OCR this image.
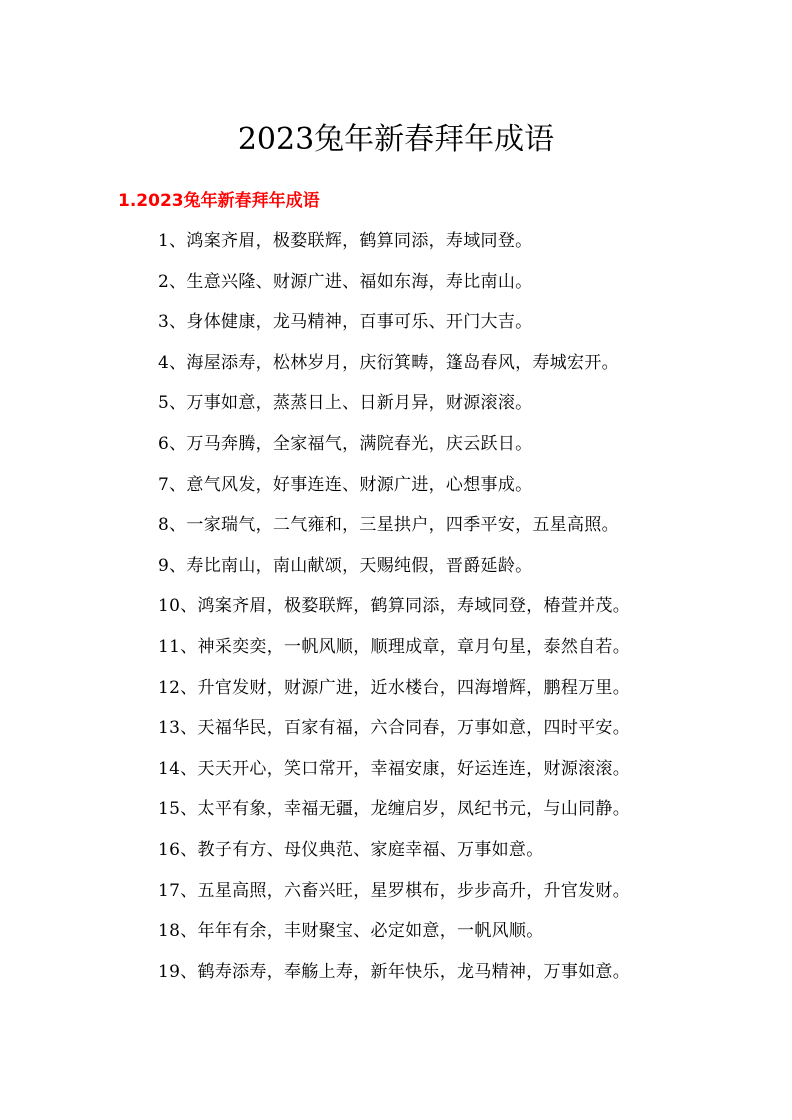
2023兔年新春拜年成语
1.2023兔年新春拜年成语
1、鸿案齐眉，极婺联辉，鹤算同添，寿域同登。
2、生意兴隆、财源广进、福如东海，寿比南山。
3、身体健康，龙马精神，百事可乐、开门大吉。
4、海屋添寿，松林岁月，庆衍箕畴，篷岛春风，寿城宏开。
5、万事如意，蒸蒸日上、日新月异，财源滚滚。
6、万马奔腾，全家福气，满院春光，庆云跃日。
7、意气风发，好事连连、财源广进，心想事成。
8、一家瑞气，二气雍和，三星拱户，四季平安，五星高照。
9、寿比南山，南山献颂，天赐纯假，晋爵延龄。
10、鸿案齐眉，极婺联辉，鹤算同添，寿域同登，椿萱并茂。
11、神采奕奕，一帆风顺，顺理成章，章月句星，泰然自若。
12、升官发财，财源广进，近水楼台，四海增辉，鹏程万里。
13、天福华民，百家有福，六合同春，万事如意，四时平安。
14、天天开心，笑口常开，幸福安康，好运连连，财源滚滚。
15、太平有象，幸福无疆，龙缠启岁，凤纪书元，与山同静。
16、教子有方、母仪典范、家庭幸福、万事如意。
17、五星高照，六畜兴旺，星罗棋布，步步高升，升官发财。
18、年年有余，丰财聚宝、必定如意，一帆风顺。
19、鹤寿添寿，奉觞上寿，新年快乐，龙马精神，万事如意。
